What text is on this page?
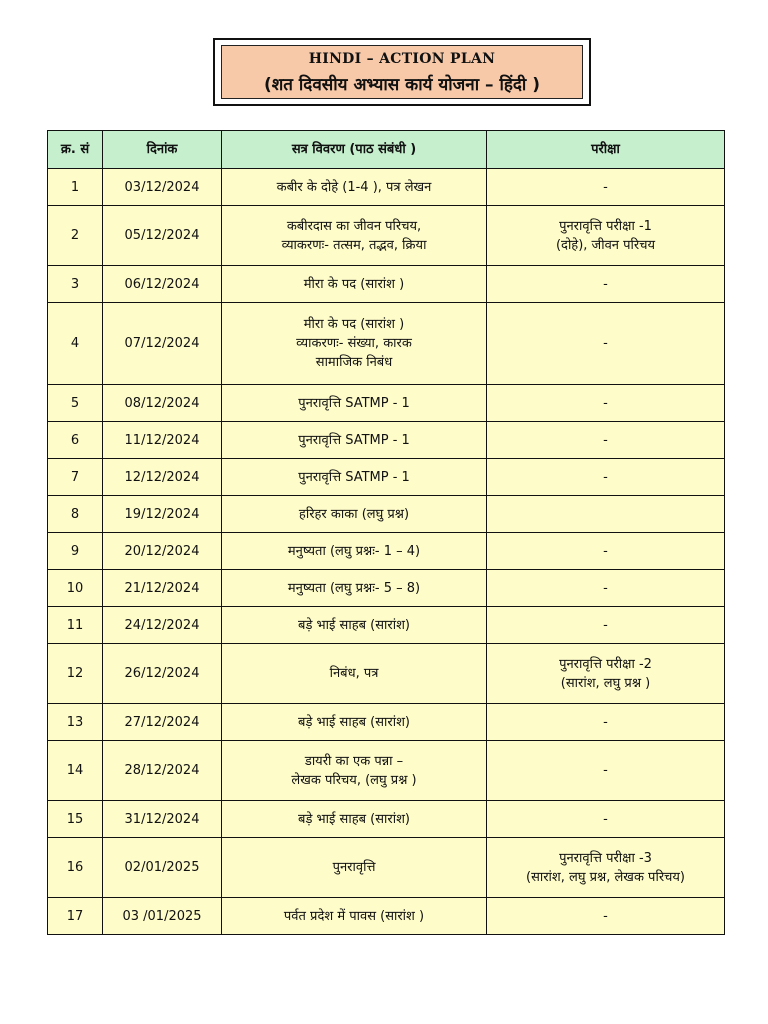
HINDI – ACTION PLAN
(शत दिवसीय अभ्यास कार्य योजना – हिंदी )
क्र. सं	दिनांक	सत्र विवरण (पाठ संबंधी )	परीक्षा
1	03/12/2024	कबीर के दोहे (1-4 ), पत्र लेखन	-
2	05/12/2024	कबीरदास का जीवन परिचय,
व्याकरणः- तत्सम, तद्भव, क्रिया	पुनरावृत्ति परीक्षा -1
(दोहे), जीवन परिचय
3	06/12/2024	मीरा के पद (सारांश )	-
4	07/12/2024	मीरा के पद (सारांश )
व्याकरणः- संख्या, कारक
सामाजिक निबंध	-
5	08/12/2024	पुनरावृत्ति SATMP - 1	-
6	11/12/2024	पुनरावृत्ति SATMP - 1	-
7	12/12/2024	पुनरावृत्ति SATMP - 1	-
8	19/12/2024	हरिहर काका (लघु प्रश्न)	
9	20/12/2024	मनुष्यता (लघु प्रश्नः- 1 – 4)	-
10	21/12/2024	मनुष्यता (लघु प्रश्नः- 5 – 8)	-
11	24/12/2024	बड़े भाई साहब (सारांश)	-
12	26/12/2024	निबंध, पत्र	पुनरावृत्ति परीक्षा -2
(सारांश, लघु प्रश्न )
13	27/12/2024	बड़े भाई साहब (सारांश)	-
14	28/12/2024	डायरी का एक पन्ना –
लेखक परिचय, (लघु प्रश्न )	-
15	31/12/2024	बड़े भाई साहब (सारांश)	-
16	02/01/2025	पुनरावृत्ति	पुनरावृत्ति परीक्षा -3
(सारांश, लघु प्रश्न, लेखक परिचय)
17	03 /01/2025	पर्वत प्रदेश में पावस (सारांश )	-
